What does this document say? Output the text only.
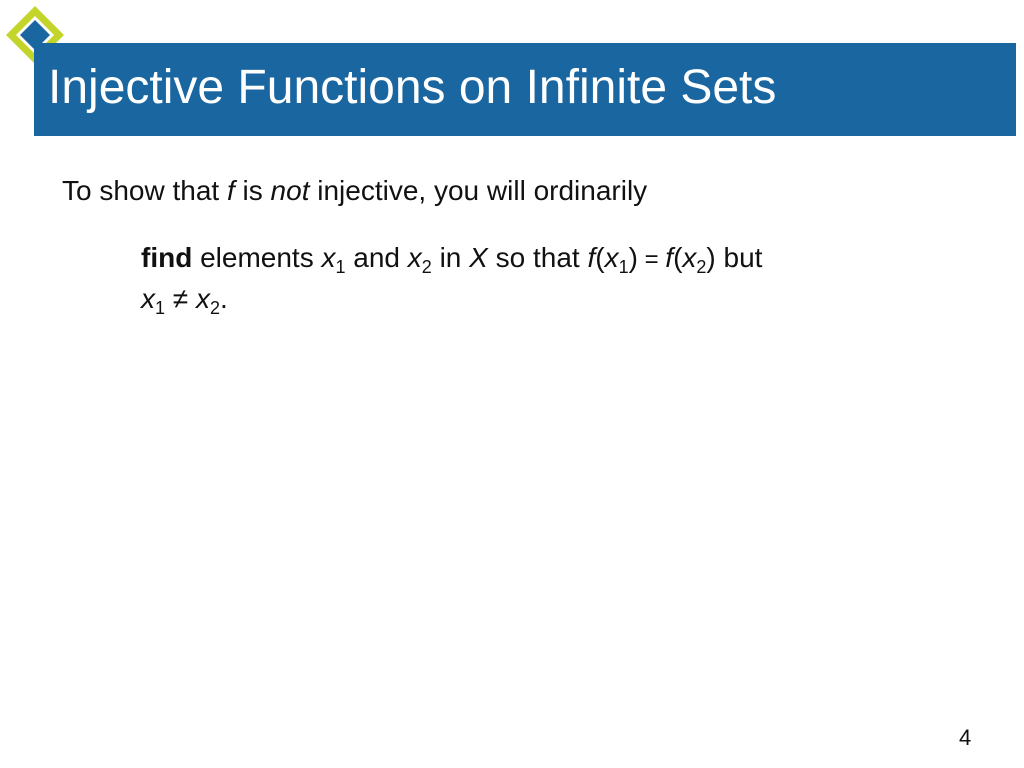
Injective Functions on Infinite Sets
To show that f is not injective, you will ordinarily
find elements $x_1$ and $x_2$ in X so that $f(x_1) = f(x_2)$ but
$x_1 \ne x_2$.
4
